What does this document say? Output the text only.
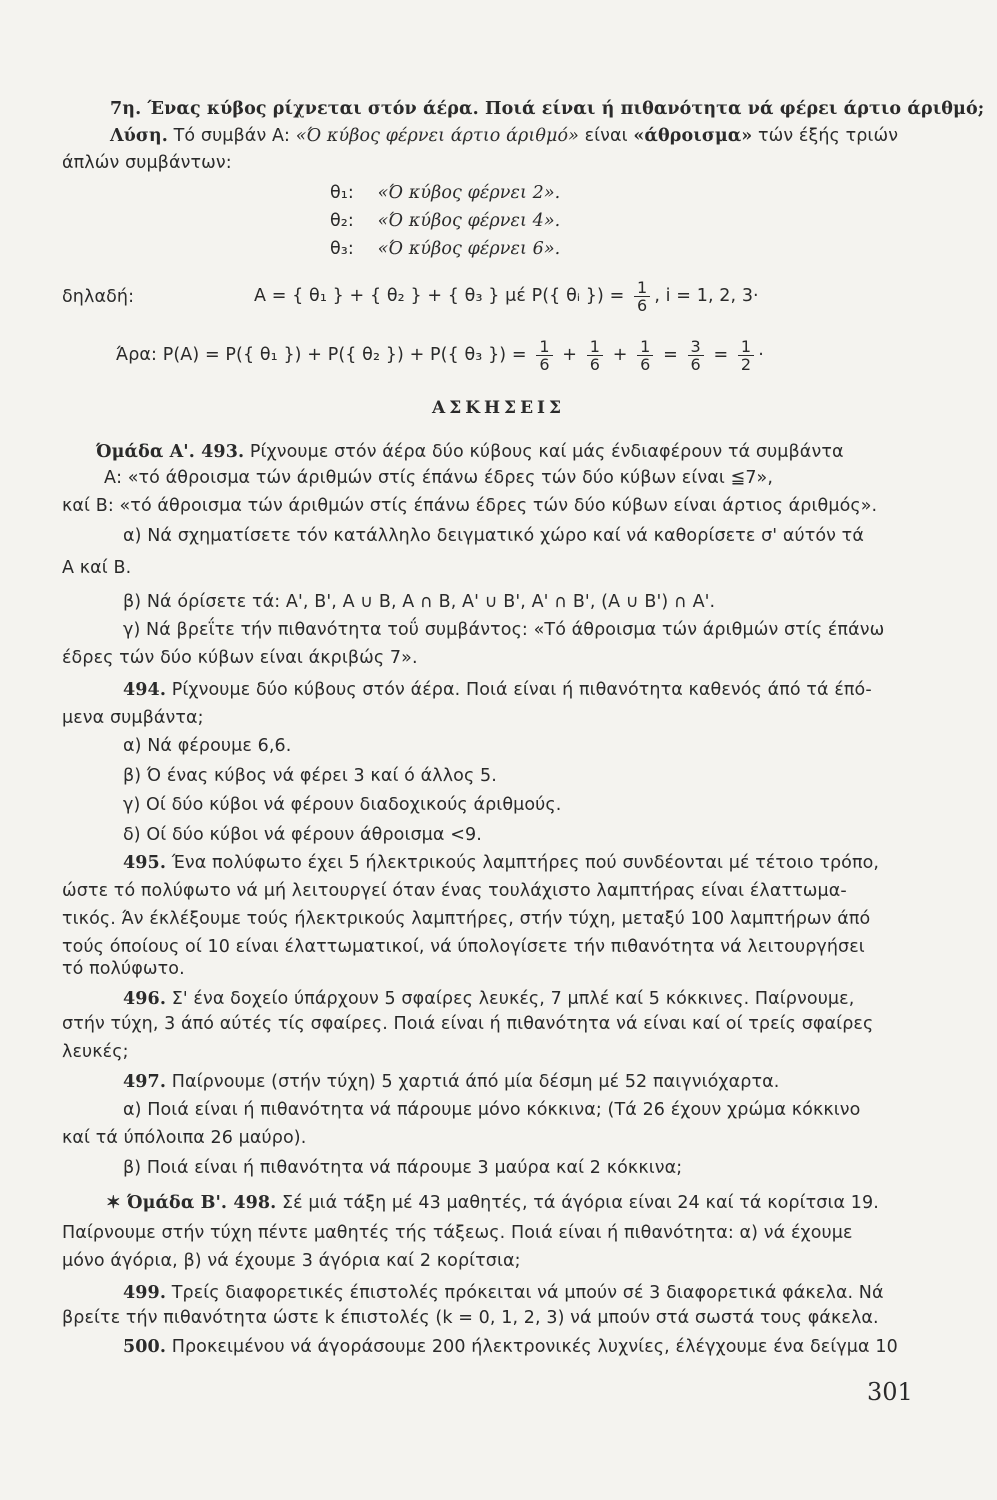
7η. Ένας κύβος ρίχνεται στόν άέρα. Ποιά είναι ή πιθανότητα νά φέρει άρτιο άριθμό;
Λύση. Τό συμβάν Α: «Ό κύβος φέρνει άρτιο άριθμό» είναι «άθροισμα» τών έξής τριών
άπλών συμβάντων:
θ₁: «Ό κύβος φέρνει 2».
θ₂: «Ό κύβος φέρνει 4».
θ₃: «Ό κύβος φέρνει 6».
δηλαδή:	Α = { θ₁ } + { θ₂ } + { θ₃ } μέ P({ θᵢ }) = $\frac{1}{6}$ , i = 1, 2, 3·
Άρα: P(A) = P({ θ₁ }) + P({ θ₂ }) + P({ θ₃ }) = $\frac{1}{6} + \frac{1}{6} + \frac{1}{6} = \frac{3}{6} = \frac{1}{2}$ ·
ΑΣΚΗΣΕΙΣ
Όμάδα Α'. 493. Ρίχνουμε στόν άέρα δύο κύβους καί μάς ένδιαφέρουν τά συμβάντα
Α: «τό άθροισμα τών άριθμών στίς έπάνω έδρες τών δύο κύβων είναι ≦7»,
καί Β: «τό άθροισμα τών άριθμών στίς έπάνω έδρες τών δύο κύβων είναι άρτιος άριθμός».
α) Νά σχηματίσετε τόν κατάλληλο δειγματικό χώρο καί νά καθορίσετε σ' αύτόν τά
Α καί Β.
β) Νά όρίσετε τά: Α', Β', Α ∪ Β, Α ∩ Β, Α' ∪ Β', Α' ∩ Β', (Α ∪ Β') ∩ Α'.
γ) Νά βρεΐτε τήν πιθανότητα τοΰ συμβάντος: «Τό άθροισμα τών άριθμών στίς έπάνω
έδρες τών δύο κύβων είναι άκριβώς 7».
494. Ρίχνουμε δύο κύβους στόν άέρα. Ποιά είναι ή πιθανότητα καθενός άπό τά έπό-
μενα συμβάντα;
α) Νά φέρουμε 6,6.
β) Ό ένας κύβος νά φέρει 3 καί ό άλλος 5.
γ) Οί δύο κύβοι νά φέρουν διαδοχικούς άριθμούς.
δ) Οί δύο κύβοι νά φέρουν άθροισμα <9.
495. Ένα πολύφωτο έχει 5 ήλεκτρικούς λαμπτήρες πού συνδέονται μέ τέτοιο τρόπο,
ώστε τό πολύφωτο νά μή λειτουργεί όταν ένας τουλάχιστο λαμπτήρας είναι έλαττωμα-
τικός. Άν έκλέξουμε τούς ήλεκτρικούς λαμπτήρες, στήν τύχη, μεταξύ 100 λαμπτήρων άπό
τούς όποίους οί 10 είναι έλαττωματικοί, νά ύπολογίσετε τήν πιθανότητα νά λειτουργήσει
τό πολύφωτο.
496. Σ' ένα δοχείο ύπάρχουν 5 σφαίρες λευκές, 7 μπλέ καί 5 κόκκινες. Παίρνουμε,
στήν τύχη, 3 άπό αύτές τίς σφαίρες. Ποιά είναι ή πιθανότητα νά είναι καί οί τρείς σφαίρες
λευκές;
497. Παίρνουμε (στήν τύχη) 5 χαρτιά άπό μία δέσμη μέ 52 παιγνιόχαρτα.
α) Ποιά είναι ή πιθανότητα νά πάρουμε μόνο κόκκινα; (Τά 26 έχουν χρώμα κόκκινο
καί τά ύπόλοιπα 26 μαύρο).
β) Ποιά είναι ή πιθανότητα νά πάρουμε 3 μαύρα καί 2 κόκκινα;
✶ Όμάδα Β'. 498. Σέ μιά τάξη μέ 43 μαθητές, τά άγόρια είναι 24 καί τά κορίτσια 19.
Παίρνουμε στήν τύχη πέντε μαθητές τής τάξεως. Ποιά είναι ή πιθανότητα: α) νά έχουμε
μόνο άγόρια, β) νά έχουμε 3 άγόρια καί 2 κορίτσια;
499. Τρείς διαφορετικές έπιστολές πρόκειται νά μπούν σέ 3 διαφορετικά φάκελα. Νά
βρείτε τήν πιθανότητα ώστε k έπιστολές (k = 0, 1, 2, 3) νά μπούν στά σωστά τους φάκελα.
500. Προκειμένου νά άγοράσουμε 200 ήλεκτρονικές λυχνίες, έλέγχουμε ένα δείγμα 10
301
